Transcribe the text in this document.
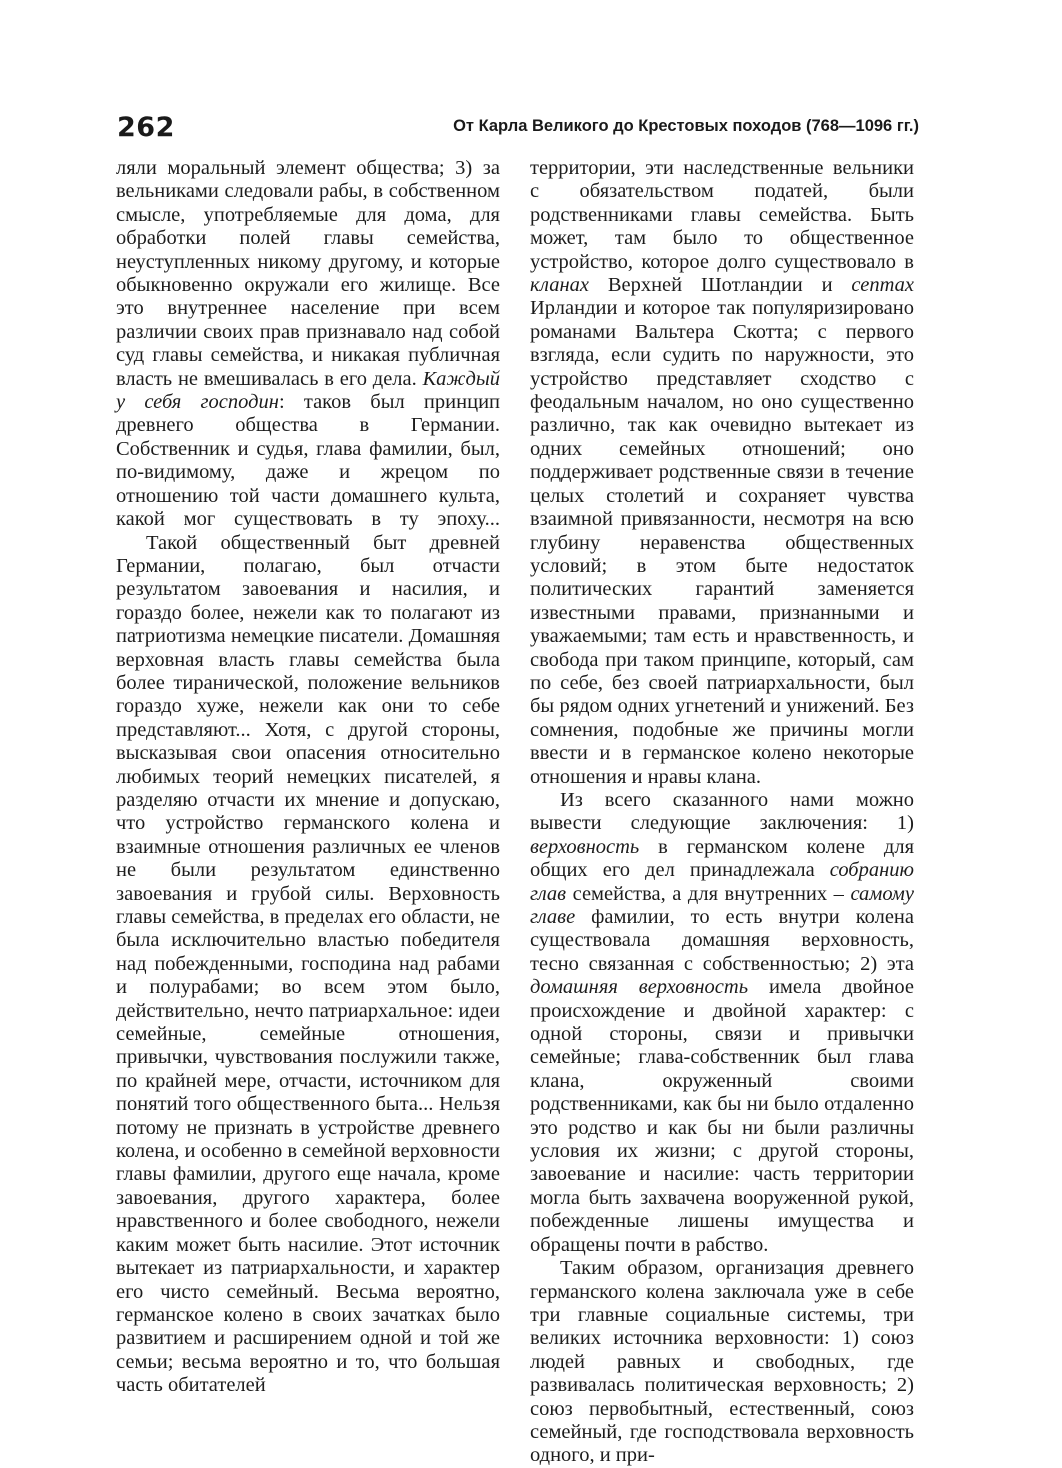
262	От Карла Великого до Крестовых походов (768—1096 гг.)

ляли моральный элемент общества; 3) за вельниками следовали рабы, в собственном смысле, употребляемые для дома, для обработки полей главы семейства, неуступленных никому другому, и которые обыкновенно окружали его жилище. Все это внутреннее население при всем различии своих прав признавало над собой суд главы семейства, и никакая публичная власть не вмешивалась в его дела. Каждый у себя господин: таков был принцип древнего общества в Германии. Собственник и судья, глава фамилии, был, по-видимому, даже и жрецом по отношению той части домашнего культа, какой мог существовать в ту эпоху...

Такой общественный быт древней Германии, полагаю, был отчасти результатом завоевания и насилия, и гораздо более, нежели как то полагают из патриотизма немецкие писатели. Домашняя верховная власть главы семейства была более тиранической, положение вельников гораздо хуже, нежели как они то себе представляют... Хотя, с другой стороны, высказывая свои опасения относительно любимых теорий немецких писателей, я разделяю отчасти их мнение и допускаю, что устройство германского колена и взаимные отношения различных ее членов не были результатом единственно завоевания и грубой силы. Верховность главы семейства, в пределах его области, не была исключительно властью победителя над побежденными, господина над рабами и полурабами; во всем этом было, действительно, нечто патриархальное: идеи семейные, семейные отношения, привычки, чувствования послужили также, по крайней мере, отчасти, источником для понятий того общественного быта... Нельзя потому не признать в устройстве древнего колена, и особенно в семейной верховности главы фамилии, другого еще начала, кроме завоевания, другого характера, более нравственного и более свободного, нежели каким может быть насилие. Этот источник вытекает из патриархальности, и характер его чисто семейный. Весьма вероятно, германское колено в своих зачатках было развитием и расширением одной и той же семьи; весьма вероятно и то, что большая часть обитателей

территории, эти наследственные вельники с обязательством податей, были родственниками главы семейства. Быть может, там было то общественное устройство, которое долго существовало в кланах Верхней Шотландии и септах Ирландии и которое так популяризировано романами Вальтера Скотта; с первого взгляда, если судить по наружности, это устройство представляет сходство с феодальным началом, но оно существенно различно, так как очевидно вытекает из одних семейных отношений; оно поддерживает родственные связи в течение целых столетий и сохраняет чувства взаимной привязанности, несмотря на всю глубину неравенства общественных условий; в этом быте недостаток политических гарантий заменяется известными правами, признанными и уважаемыми; там есть и нравственность, и свобода при таком принципе, который, сам по себе, без своей патриархальности, был бы рядом одних угнетений и унижений. Без сомнения, подобные же причины могли ввести и в германское колено некоторые отношения и нравы клана.

Из всего сказанного нами можно вывести следующие заключения: 1) верховность в германском колене для общих его дел принадлежала собранию глав семейства, а для внутренних – самому главе фамилии, то есть внутри колена существовала домашняя верховность, тесно связанная с собственностью; 2) эта домашняя верховность имела двойное происхождение и двойной характер: с одной стороны, связи и привычки семейные; глава-собственник был глава клана, окруженный своими родственниками, как бы ни было отдаленно это родство и как бы ни были различны условия их жизни; с другой стороны, завоевание и насилие: часть территории могла быть захвачена вооруженной рукой, побежденные лишены имущества и обращены почти в рабство.

Таким образом, организация древнего германского колена заключала уже в себе три главные социальные системы, три великих источника верховности: 1) союз людей равных и свободных, где развивалась политическая верховность; 2) союз первобытный, естественный, союз семейный, где господствовала верховность одного, и при-
